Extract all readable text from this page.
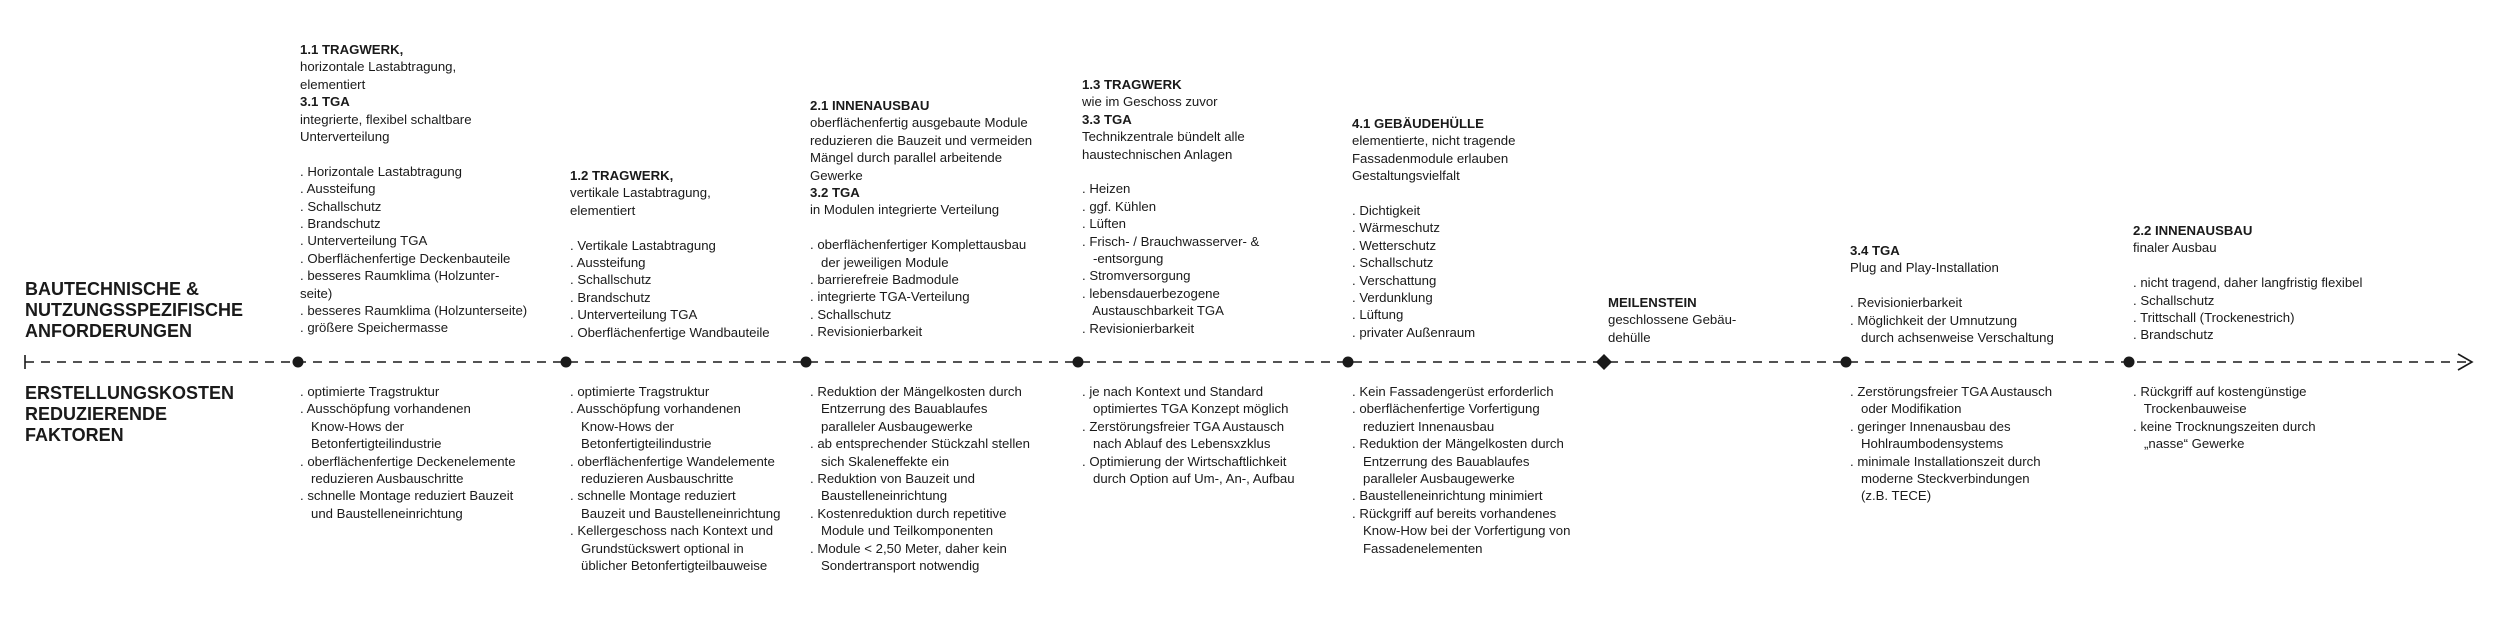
BAUTECHNISCHE &

NUTZUNGSSPEZIFISCHE

ANFORDERUNGEN

ERSTELLUNGSKOSTEN

REDUZIERENDE

FAKTOREN

1.1 TRAGWERK,

horizontale Lastabtragung,

elementiert

3.1 TGA

integrierte, flexibel schaltbare

Unterverteilung

. Horizontale Lastabtragung

. Aussteifung

. Schallschutz

. Brandschutz

. Unterverteilung TGA

. Oberflächenfertige Deckenbauteile

. besseres Raumklima (Holzunter-

seite)

. besseres Raumklima (Holzunterseite)

. größere Speichermasse

. optimierte Tragstruktur

. Ausschöpfung vorhandenen

Know-Hows der

Betonfertigteilindustrie

. oberflächenfertige Deckenelemente

reduzieren Ausbauschritte

. schnelle Montage reduziert Bauzeit

und Baustelleneinrichtung

1.2 TRAGWERK,

vertikale Lastabtragung,

elementiert

. Vertikale Lastabtragung

. Aussteifung

. Schallschutz

. Brandschutz

. Unterverteilung TGA

. Oberflächenfertige Wandbauteile

. optimierte Tragstruktur

. Ausschöpfung vorhandenen

Know-Hows der

Betonfertigteilindustrie

. oberflächenfertige Wandelemente

reduzieren Ausbauschritte

. schnelle Montage reduziert

Bauzeit und Baustelleneinrichtung

. Kellergeschoss nach Kontext und

Grundstückswert optional in

üblicher Betonfertigteilbauweise

2.1 INNENAUSBAU

oberflächenfertig ausgebaute Module

reduzieren die Bauzeit und vermeiden

Mängel durch parallel arbeitende

Gewerke

3.2 TGA

in Modulen integrierte Verteilung

. oberflächenfertiger Komplettausbau

der jeweiligen Module

. barrierefreie Badmodule

. integrierte TGA-Verteilung

. Schallschutz

. Revisionierbarkeit

. Reduktion der Mängelkosten durch

Entzerrung des Bauablaufes

paralleler Ausbaugewerke

. ab entsprechender Stückzahl stellen

sich Skaleneffekte ein

. Reduktion von Bauzeit und

Baustelleneinrichtung

. Kostenreduktion durch repetitive

Module und Teilkomponenten

. Module < 2,50 Meter, daher kein

Sondertransport notwendig

1.3 TRAGWERK

wie im Geschoss zuvor

3.3 TGA

Technikzentrale bündelt alle

haustechnischen Anlagen

. Heizen

. ggf. Kühlen

. Lüften

. Frisch- / Brauchwasserver- &

-entsorgung

. Stromversorgung

. lebensdauerbezogene

Austauschbarkeit TGA

. Revisionierbarkeit

. je nach Kontext und Standard

optimiertes TGA Konzept möglich

. Zerstörungsfreier TGA Austausch

nach Ablauf des Lebensxzklus

. Optimierung der Wirtschaftlichkeit

durch Option auf Um-, An-, Aufbau

4.1 GEBÄUDEHÜLLE

elementierte, nicht tragende

Fassadenmodule erlauben

Gestaltungsvielfalt

. Dichtigkeit

. Wärmeschutz

. Wetterschutz

. Schallschutz

. Verschattung

. Verdunklung

. Lüftung

. privater Außenraum

. Kein Fassadengerüst erforderlich

. oberflächenfertige Vorfertigung

reduziert Innenausbau

. Reduktion der Mängelkosten durch

Entzerrung des Bauablaufes

paralleler Ausbaugewerke

. Baustelleneinrichtung minimiert

. Rückgriff auf bereits vorhandenes

Know-How bei der Vorfertigung von

Fassadenelementen

MEILENSTEIN

geschlossene Gebäu-

dehülle

3.4 TGA

Plug and Play-Installation

. Revisionierbarkeit

. Möglichkeit der Umnutzung

durch achsenweise Verschaltung

. Zerstörungsfreier TGA Austausch

oder Modifikation

. geringer Innenausbau des

Hohlraumbodensystems

. minimale Installationszeit durch

moderne Steckverbindungen

(z.B. TECE)

2.2 INNENAUSBAU

finaler Ausbau

. nicht tragend, daher langfristig flexibel

. Schallschutz

. Trittschall (Trockenestrich)

. Brandschutz

. Rückgriff auf kostengünstige

Trockenbauweise

. keine Trocknungszeiten durch

„nasse“ Gewerke
